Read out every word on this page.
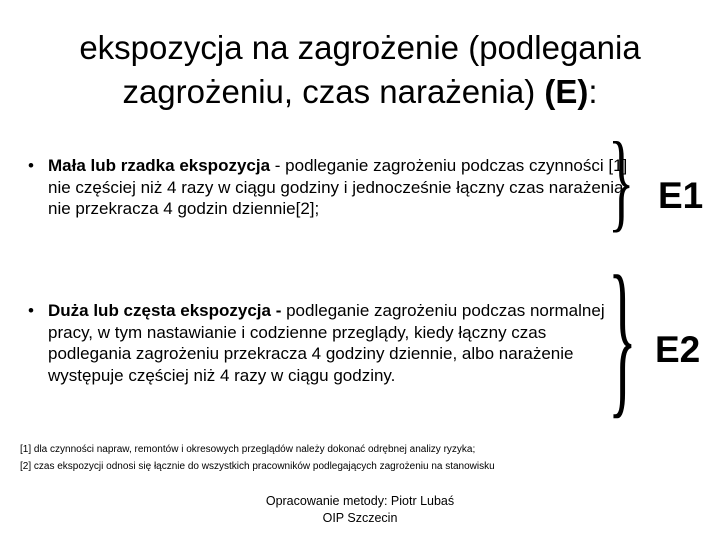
ekspozycja na zagrożenie (podlegania
zagrożeniu, czas narażenia) (E):
• Mała lub rzadka ekspozycja - podleganie zagrożeniu podczas czynności [1] nie częściej niż 4 razy w ciągu godziny i jednocześnie łączny czas narażenia nie przekracza 4 godzin dziennie[2];
• Duża lub częsta ekspozycja - podleganie zagrożeniu podczas normalnej pracy, w tym nastawianie i codzienne przeglądy, kiedy łączny czas podlegania zagrożeniu przekracza 4 godziny dziennie, albo narażenie występuje częściej niż 4 razy w ciągu godziny.
}
}
E1
E2
[1] dla czynności napraw, remontów i okresowych przeglądów należy dokonać odrębnej analizy ryzyka;
[2] czas ekspozycji odnosi się łącznie do wszystkich pracowników podlegających zagrożeniu na stanowisku
Opracowanie metody: Piotr Lubaś
OIP Szczecin
